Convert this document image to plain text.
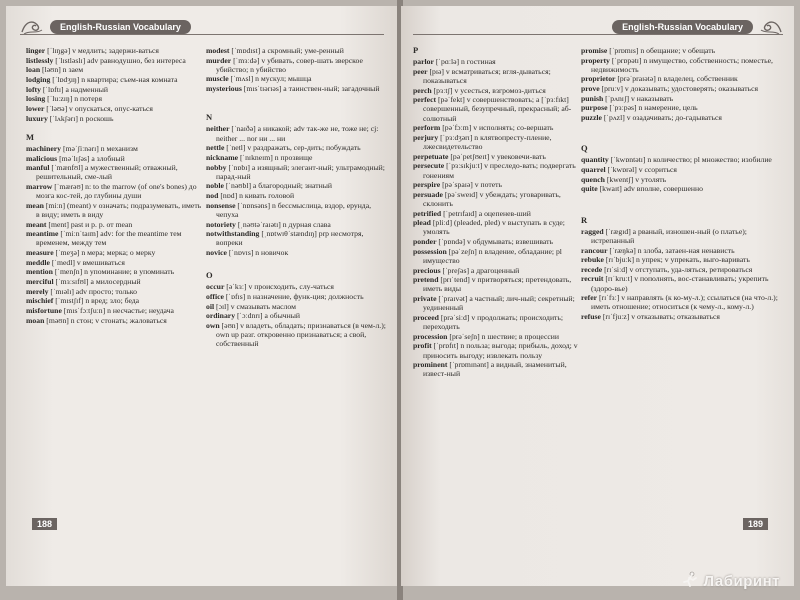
English-Russian Vocabulary
linger [ˈlɪŋgə] v медлить; задержи-ваться
listlessly [ˈlɪstləslɪ] adv равнодушно, без интереса
loan [ləʊn] n заем
lodging [ˈlɒdʒɪŋ] n квартира; съем-ная комната
lofty [ˈlɒftɪ] a надменный
losing [ˈluːzɪŋ] n потеря
lower [ˈləʊə] v опускаться, опус-каться
luxury [ˈlʌkʃərɪ] n роскошь
M
machinery [məˈʃiːnərɪ] n механизм
malicious [məˈlɪʃəs] a злобный
manful [ˈmænfʊl] a мужественный; отважный, решительный, сме-лый
marrow [ˈmærəʊ] n: to the marrow (of one's bones) до мозга кос-тей, до глубины души
mean [miːn] (meant) v означать; подразумевать, иметь в виду; иметь в виду
meant [ment] past и p. p. от mean
meantime [ˈmiːnˈtaɪm] adv: for the meantime тем временем, между тем
measure [ˈmeʒə] n мера; мерка; о мерку
meddle [ˈmedl] v вмешиваться
mention [ˈmenʃn] n упоминание; в упоминать
merciful [ˈmɜːsɪfʊl] a милосердный
merely [ˈmɪəlɪ] adv просто; только
mischief [ˈmɪstʃɪf] n вред; зло; беда
misfortune [mɪsˈfɔːtʃuːn] n несчастье; неудача
moan [məʊn] n стон; v стонать; жаловаться
modest [ˈmɒdɪst] a скромный; уме-ренный
murder [ˈmɜːdə] v убивать, совер-шать зверское убийство; n убийство
muscle [ˈmʌsl] n мускул; мышца
mysterious [mɪsˈtɪərɪəs] a таинствен-ный; загадочный
N
neither [ˈnaɪðə] a никакой; adv так-же не, тоже не; cj: neither ... nor ни ... ни
nettle [ˈnetl] v раздражать, сер-дить; побуждать
nickname [ˈnɪkneɪm] n прозвище
nobby [ˈnɒbɪ] a изящный; элегант-ный; ультрамодный; парад-ный
noble [ˈnəʊbl] a благородный; знатный
nod [nɒd] n кивать головой
nonsense [ˈnɒnsəns] n бессмыслица, вздор, ерунда, чепуха
notoriety [ˌnəʊtəˈraɪətɪ] n дурная слава
notwithstanding [ˌnɒtwɪθˈstændɪŋ] prp несмотря, вопреки
novice [ˈnɒvɪs] n новичок
O
occur [əˈkɜː] v происходить, слу-чаться
office [ˈɒfɪs] n назначение, функ-ция; должность
oil [ɔɪl] v смазывать маслом
ordinary [ˈɔːdnrɪ] a обычный
own [əʊn] v владеть, обладать; признаваться (в чем-л.); own up разг. откровенно признаваться; a свой, собственный
188
English-Russian Vocabulary
P
parlor [ˈpɑːlə] n гостиная
peer [pɪə] v всматриваться; вгля-дываться; показываться
perch [pɜːtʃ] v усесться, взгромоз-диться
perfect [pəˈfekt] v совершенствовать; a [ˈpɜːfɪkt] совершенный, безупречный, прекрасный; аб-солютный
perform [pəˈfɔːm] v исполнять; со-вершать
perjury [ˈpɜːdʒərɪ] n клятвопресту-пление, лжесвидетельство
perpetuate [pəˈpetʃʊeɪt] v увековечи-вать
persecute [ˈpɜːsɪkjuːt] v преследо-вать; подвергать гонениям
perspire [pəˈspaɪə] v потеть
persuade [pəˈsweɪd] v убеждать; уговаривать, склонить
petrified [ˈpetrɪfaɪd] a оцепенев-ший
plead [pliːd] (pleaded, pled) v выступать в суде; умолять
ponder [ˈpɒndə] v обдумывать; взвешивать
possession [pəˈzeʃn] n владение, обладание; pl имущество
precious [ˈpreʃəs] a драгоценный
pretend [prɪˈtend] v притворяться; претендовать, иметь виды
private [ˈpraɪvət] a частный; лич-ный; секретный; уединенный
proceed [prəˈsiːd] v продолжать; происходить; переходить
procession [prəˈseʃn] n шествие; в процессии
profit [ˈprɒfɪt] n польза; выгода; прибыль, доход; v приносить выгоду; извлекать пользу
prominent [ˈprɒmɪnənt] a видный, знаменитый, извест-ный
promise [ˈprɒmɪs] n обещание; v обещать
property [ˈprɒpətɪ] n имущество, собственность; поместье, недвижимость
proprietor [prəˈpraɪətə] n владелец, собственник
prove [pruːv] v доказывать; удостоверять; оказываться
punish [ˈpʌnɪʃ] v наказывать
purpose [ˈpɜːpəs] n намерение, цель
puzzle [ˈpʌzl] v озадачивать; до-гадываться
Q
quantity [ˈkwɒntətɪ] n количество; pl множество; изобилие
quarrel [ˈkwɒrəl] v ссориться
quench [kwentʃ] v утолять
quite [kwaɪt] adv вполне, совершенно
R
ragged [ˈrægɪd] a рваный, изношен-ный (о платье); истрепанный
rancour [ˈræŋkə] n злоба, затаен-ная ненависть
rebuke [rɪˈbjuːk] n упрек; v упрекать, выго-варивать
recede [rɪˈsiːd] v отступать, уда-ляться, ретироваться
recruit [rɪˈkruːt] v пополнять, вос-станавливать; укрепить (здоро-вье)
refer [rɪˈfɜː] v направлять (к ко-му-л.); ссылаться (на что-л.); иметь отношение; относиться (к чему-л., кому-л.)
refuse [rɪˈfjuːz] v отказывать; отказываться
189
Лабиринт
